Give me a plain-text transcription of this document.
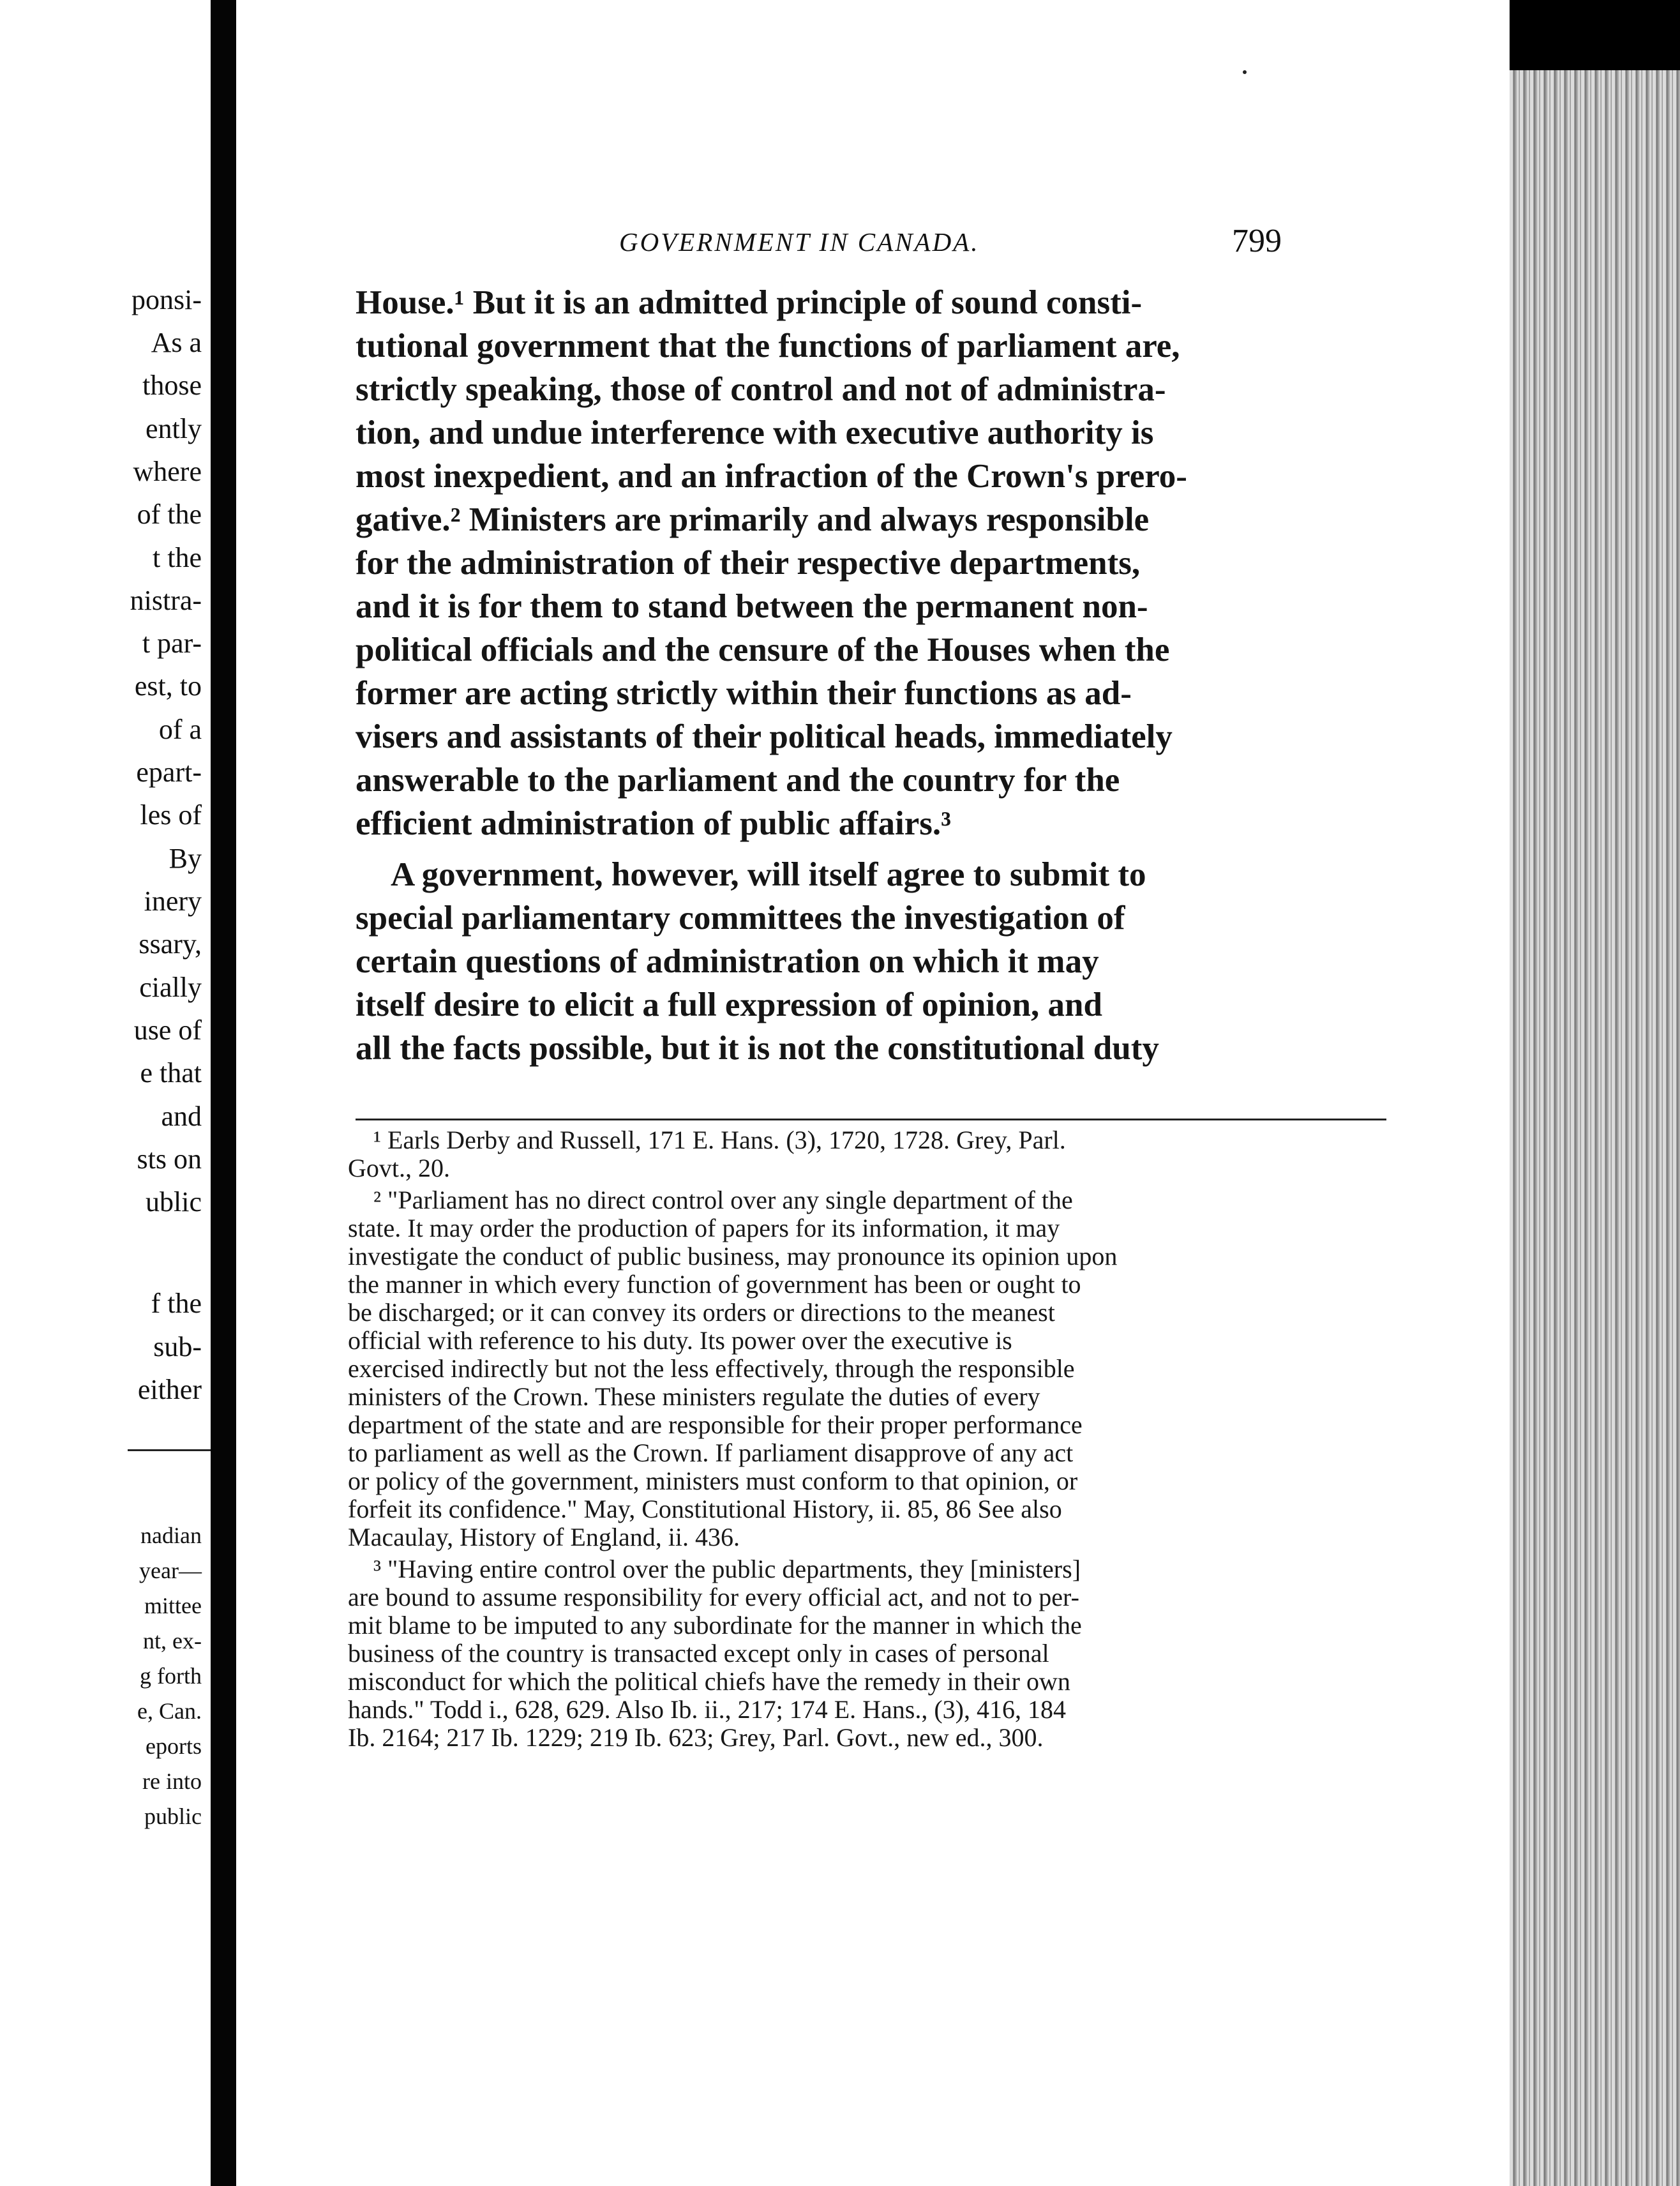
ponsi-
As a
those
ently
where
of the
t the
nistra-
t par-
est, to
of a
epart-
les of
By
inery
ssary,
cially
use of
e that
and
sts on
ublic
f the
sub-
either
nadian
year—
mittee
nt, ex-
g forth
e, Can.
eports
re into
public
GOVERNMENT IN CANADA.	799
House.¹ But it is an admitted principle of sound consti-
tutional government that the functions of parliament are,
strictly speaking, those of control and not of administra-
tion, and undue interference with executive authority is
most inexpedient, and an infraction of the Crown's prero-
gative.² Ministers are primarily and always responsible
for the administration of their respective departments,
and it is for them to stand between the permanent non-
political officials and the censure of the Houses when the
former are acting strictly within their functions as ad-
visers and assistants of their political heads, immediately
answerable to the parliament and the country for the
efficient administration of public affairs.³
A government, however, will itself agree to submit to
special parliamentary committees the investigation of
certain questions of administration on which it may
itself desire to elicit a full expression of opinion, and
all the facts possible, but it is not the constitutional duty
¹ Earls Derby and Russell, 171 E. Hans. (3), 1720, 1728. Grey, Parl.
Govt., 20.
² "Parliament has no direct control over any single department of the
state. It may order the production of papers for its information, it may
investigate the conduct of public business, may pronounce its opinion upon
the manner in which every function of government has been or ought to
be discharged; or it can convey its orders or directions to the meanest
official with reference to his duty. Its power over the executive is
exercised indirectly but not the less effectively, through the responsible
ministers of the Crown. These ministers regulate the duties of every
department of the state and are responsible for their proper performance
to parliament as well as the Crown. If parliament disapprove of any act
or policy of the government, ministers must conform to that opinion, or
forfeit its confidence." May, Constitutional History, ii. 85, 86 See also
Macaulay, History of England, ii. 436.
³ "Having entire control over the public departments, they [ministers]
are bound to assume responsibility for every official act, and not to per-
mit blame to be imputed to any subordinate for the manner in which the
business of the country is transacted except only in cases of personal
misconduct for which the political chiefs have the remedy in their own
hands." Todd i., 628, 629. Also Ib. ii., 217; 174 E. Hans., (3), 416, 184
Ib. 2164; 217 Ib. 1229; 219 Ib. 623; Grey, Parl. Govt., new ed., 300.
